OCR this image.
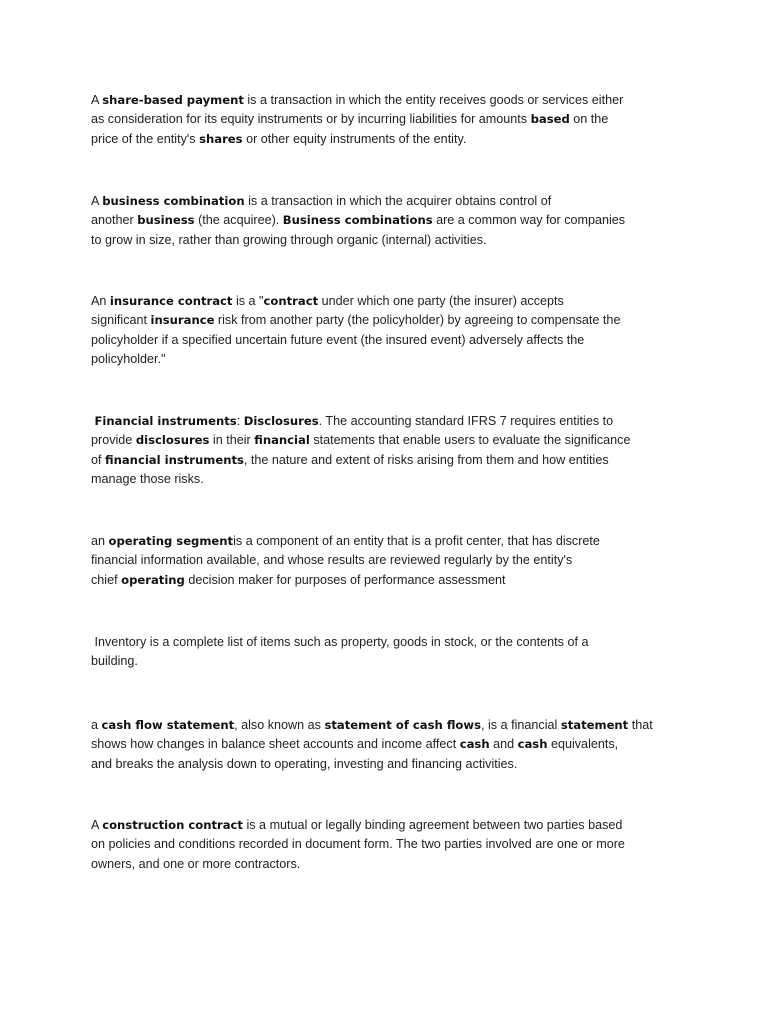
A share-based payment is a transaction in which the entity receives goods or services either
as consideration for its equity instruments or by incurring liabilities for amounts based on the
price of the entity's shares or other equity instruments of the entity.

A business combination is a transaction in which the acquirer obtains control of
another business (the acquiree). Business combinations are a common way for companies
to grow in size, rather than growing through organic (internal) activities.

An insurance contract is a "contract under which one party (the insurer) accepts
significant insurance risk from another party (the policyholder) by agreeing to compensate the
policyholder if a specified uncertain future event (the insured event) adversely affects the
policyholder."

Financial instruments: Disclosures. The accounting standard IFRS 7 requires entities to
provide disclosures in their financial statements that enable users to evaluate the significance
of financial instruments, the nature and extent of risks arising from them and how entities
manage those risks.

an operating segmentis a component of an entity that is a profit center, that has discrete
financial information available, and whose results are reviewed regularly by the entity's
chief operating decision maker for purposes of performance assessment

Inventory is a complete list of items such as property, goods in stock, or the contents of a
building.

a cash flow statement, also known as statement of cash flows, is a financial statement that
shows how changes in balance sheet accounts and income affect cash and cash equivalents,
and breaks the analysis down to operating, investing and financing activities.

A construction contract is a mutual or legally binding agreement between two parties based
on policies and conditions recorded in document form. The two parties involved are one or more
owners, and one or more contractors.
